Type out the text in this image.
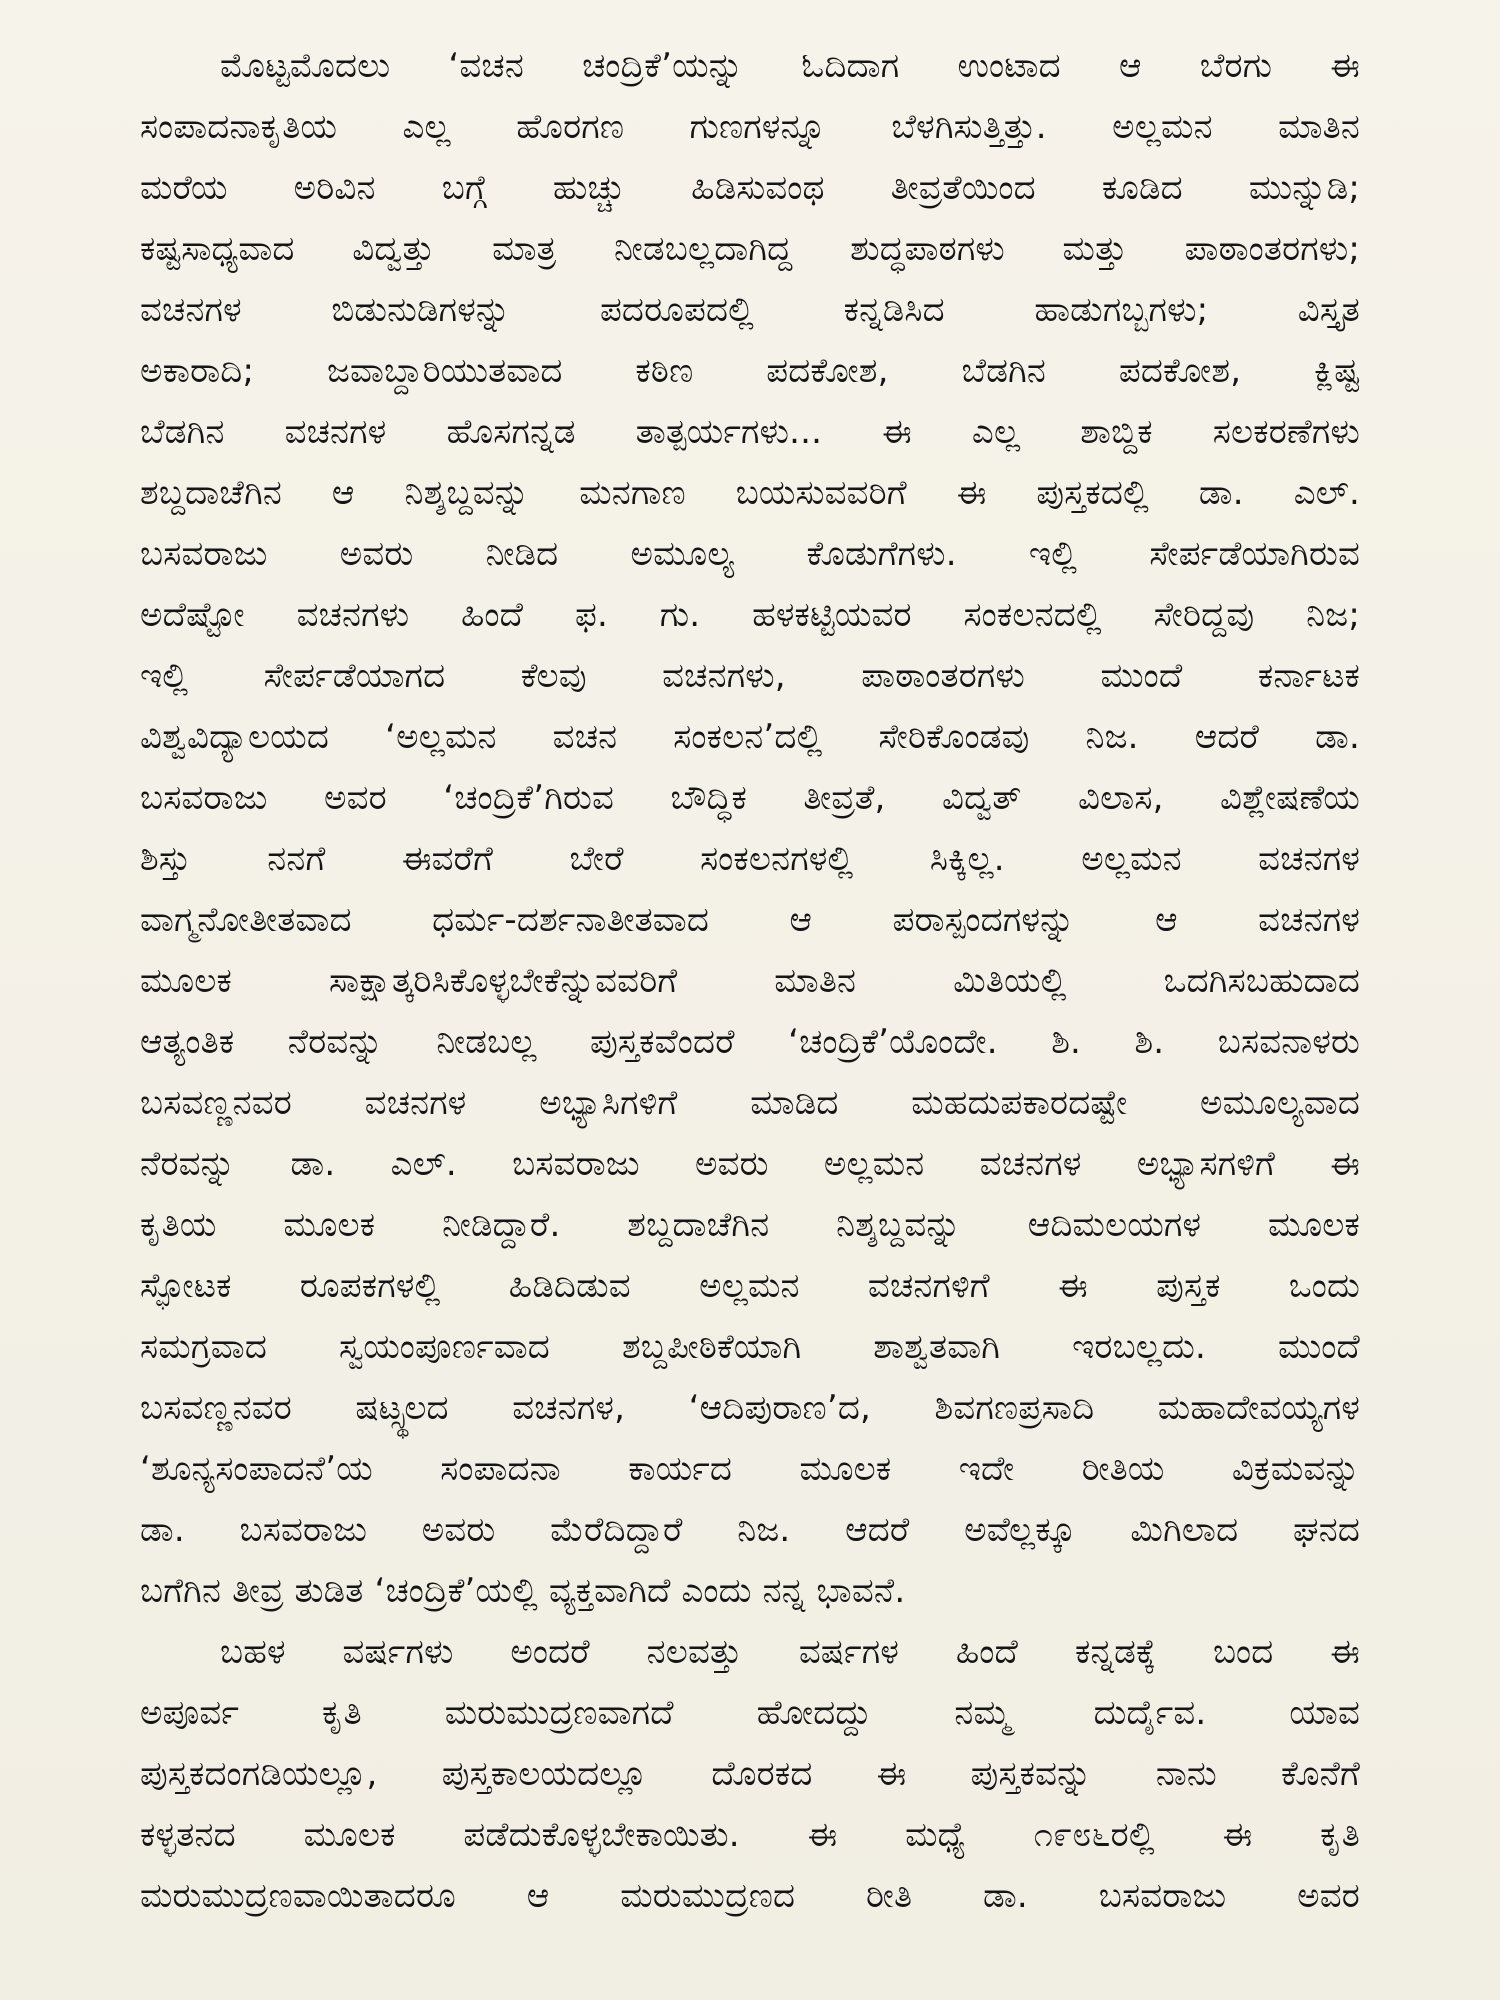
ಮೊಟ್ಟಮೊದಲು ‘ವಚನ ಚಂದ್ರಿಕೆ’ಯನ್ನು ಓದಿದಾಗ ಉಂಟಾದ ಆ ಬೆರಗು ಈ
ಸಂಪಾದನಾಕೃತಿಯ ಎಲ್ಲ ಹೊರಗಣ ಗುಣಗಳನ್ನೂ ಬೆಳಗಿಸುತ್ತಿತ್ತು. ಅಲ್ಲಮನ ಮಾತಿನ
ಮರೆಯ ಅರಿವಿನ ಬಗ್ಗೆ ಹುಚ್ಚು ಹಿಡಿಸುವಂಥ ತೀವ್ರತೆಯಿಂದ ಕೂಡಿದ ಮುನ್ನುಡಿ;
ಕಷ್ಟಸಾಧ್ಯವಾದ ವಿದ್ವತ್ತು ಮಾತ್ರ ನೀಡಬಲ್ಲದಾಗಿದ್ದ ಶುದ್ಧಪಾಠಗಳು ಮತ್ತು ಪಾಠಾಂತರಗಳು;
ವಚನಗಳ ಬಿಡುನುಡಿಗಳನ್ನು ಪದರೂಪದಲ್ಲಿ ಕನ್ನಡಿಸಿದ ಹಾಡುಗಬ್ಬಗಳು; ವಿಸ್ತೃತ
ಅಕಾರಾದಿ; ಜವಾಬ್ದಾರಿಯುತವಾದ ಕಠಿಣ ಪದಕೋಶ, ಬೆಡಗಿನ ಪದಕೋಶ, ಕ್ಲಿಷ್ಟ
ಬೆಡಗಿನ ವಚನಗಳ ಹೊಸಗನ್ನಡ ತಾತ್ಪರ್ಯಗಳು... ಈ ಎಲ್ಲ ಶಾಬ್ದಿಕ ಸಲಕರಣೆಗಳು
ಶಬ್ದದಾಚೆಗಿನ ಆ ನಿಶ್ಶಬ್ದವನ್ನು ಮನಗಾಣ ಬಯಸುವವರಿಗೆ ಈ ಪುಸ್ತಕದಲ್ಲಿ ಡಾ. ಎಲ್.
ಬಸವರಾಜು ಅವರು ನೀಡಿದ ಅಮೂಲ್ಯ ಕೊಡುಗೆಗಳು. ಇಲ್ಲಿ ಸೇರ್ಪಡೆಯಾಗಿರುವ
ಅದೆಷ್ಟೋ ವಚನಗಳು ಹಿಂದೆ ಫ. ಗು. ಹಳಕಟ್ಟಿಯವರ ಸಂಕಲನದಲ್ಲಿ ಸೇರಿದ್ದವು ನಿಜ;
ಇಲ್ಲಿ ಸೇರ್ಪಡೆಯಾಗದ ಕೆಲವು ವಚನಗಳು, ಪಾಠಾಂತರಗಳು ಮುಂದೆ ಕರ್ನಾಟಕ
ವಿಶ್ವವಿದ್ಯಾಲಯದ ‘ಅಲ್ಲಮನ ವಚನ ಸಂಕಲನ’ದಲ್ಲಿ ಸೇರಿಕೊಂಡವು ನಿಜ. ಆದರೆ ಡಾ.
ಬಸವರಾಜು ಅವರ ‘ಚಂದ್ರಿಕೆ’ಗಿರುವ ಬೌದ್ಧಿಕ ತೀವ್ರತೆ, ವಿದ್ವತ್ ವಿಲಾಸ, ವಿಶ್ಲೇಷಣೆಯ
ಶಿಸ್ತು ನನಗೆ ಈವರೆಗೆ ಬೇರೆ ಸಂಕಲನಗಳಲ್ಲಿ ಸಿಕ್ಕಿಲ್ಲ. ಅಲ್ಲಮನ ವಚನಗಳ
ವಾಗ್ಮನೋತೀತವಾದ ಧರ್ಮ-ದರ್ಶನಾತೀತವಾದ ಆ ಪರಾಸ್ಪಂದಗಳನ್ನು ಆ ವಚನಗಳ
ಮೂಲಕ ಸಾಕ್ಷಾತ್ಕರಿಸಿಕೊಳ್ಳಬೇಕೆನ್ನುವವರಿಗೆ ಮಾತಿನ ಮಿತಿಯಲ್ಲಿ ಒದಗಿಸಬಹುದಾದ
ಆತ್ಯಂತಿಕ ನೆರವನ್ನು ನೀಡಬಲ್ಲ ಪುಸ್ತಕವೆಂದರೆ ‘ಚಂದ್ರಿಕೆ’ಯೊಂದೇ. ಶಿ. ಶಿ. ಬಸವನಾಳರು
ಬಸವಣ್ಣನವರ ವಚನಗಳ ಅಭ್ಯಾಸಿಗಳಿಗೆ ಮಾಡಿದ ಮಹದುಪಕಾರದಷ್ಟೇ ಅಮೂಲ್ಯವಾದ
ನೆರವನ್ನು ಡಾ. ಎಲ್. ಬಸವರಾಜು ಅವರು ಅಲ್ಲಮನ ವಚನಗಳ ಅಭ್ಯಾಸಗಳಿಗೆ ಈ
ಕೃತಿಯ ಮೂಲಕ ನೀಡಿದ್ದಾರೆ. ಶಬ್ದದಾಚೆಗಿನ ನಿಶ್ಶಬ್ದವನ್ನು ಆದಿಮಲಯಗಳ ಮೂಲಕ
ಸ್ಫೋಟಕ ರೂಪಕಗಳಲ್ಲಿ ಹಿಡಿದಿಡುವ ಅಲ್ಲಮನ ವಚನಗಳಿಗೆ ಈ ಪುಸ್ತಕ ಒಂದು
ಸಮಗ್ರವಾದ ಸ್ವಯಂಪೂರ್ಣವಾದ ಶಬ್ದಪೀಠಿಕೆಯಾಗಿ ಶಾಶ್ವತವಾಗಿ ಇರಬಲ್ಲದು. ಮುಂದೆ
ಬಸವಣ್ಣನವರ ಷಟ್ಸ್ಥಲದ ವಚನಗಳ, ‘ಆದಿಪುರಾಣ’ದ, ಶಿವಗಣಪ್ರಸಾದಿ ಮಹಾದೇವಯ್ಯಗಳ
‘ಶೂನ್ಯಸಂಪಾದನೆ’ಯ ಸಂಪಾದನಾ ಕಾರ್ಯದ ಮೂಲಕ ಇದೇ ರೀತಿಯ ವಿಕ್ರಮವನ್ನು
ಡಾ. ಬಸವರಾಜು ಅವರು ಮೆರೆದಿದ್ದಾರೆ ನಿಜ. ಆದರೆ ಅವೆಲ್ಲಕ್ಕೂ ಮಿಗಿಲಾದ ಘನದ
ಬಗೆಗಿನ ತೀವ್ರ ತುಡಿತ ‘ಚಂದ್ರಿಕೆ’ಯಲ್ಲಿ ವ್ಯಕ್ತವಾಗಿದೆ ಎಂದು ನನ್ನ ಭಾವನೆ.

ಬಹಳ ವರ್ಷಗಳು ಅಂದರೆ ನಲವತ್ತು ವರ್ಷಗಳ ಹಿಂದೆ ಕನ್ನಡಕ್ಕೆ ಬಂದ ಈ
ಅಪೂರ್ವ ಕೃತಿ ಮರುಮುದ್ರಣವಾಗದೆ ಹೋದದ್ದು ನಮ್ಮ ದುರ್ದೈವ. ಯಾವ
ಪುಸ್ತಕದಂಗಡಿಯಲ್ಲೂ, ಪುಸ್ತಕಾಲಯದಲ್ಲೂ ದೊರಕದ ಈ ಪುಸ್ತಕವನ್ನು ನಾನು ಕೊನೆಗೆ
ಕಳ್ಳತನದ ಮೂಲಕ ಪಡೆದುಕೊಳ್ಳಬೇಕಾಯಿತು. ಈ ಮಧ್ಯೆ ೧೯೮೬ರಲ್ಲಿ ಈ ಕೃತಿ
ಮರುಮುದ್ರಣವಾಯಿತಾದರೂ ಆ ಮರುಮುದ್ರಣದ ರೀತಿ ಡಾ. ಬಸವರಾಜು ಅವರ
